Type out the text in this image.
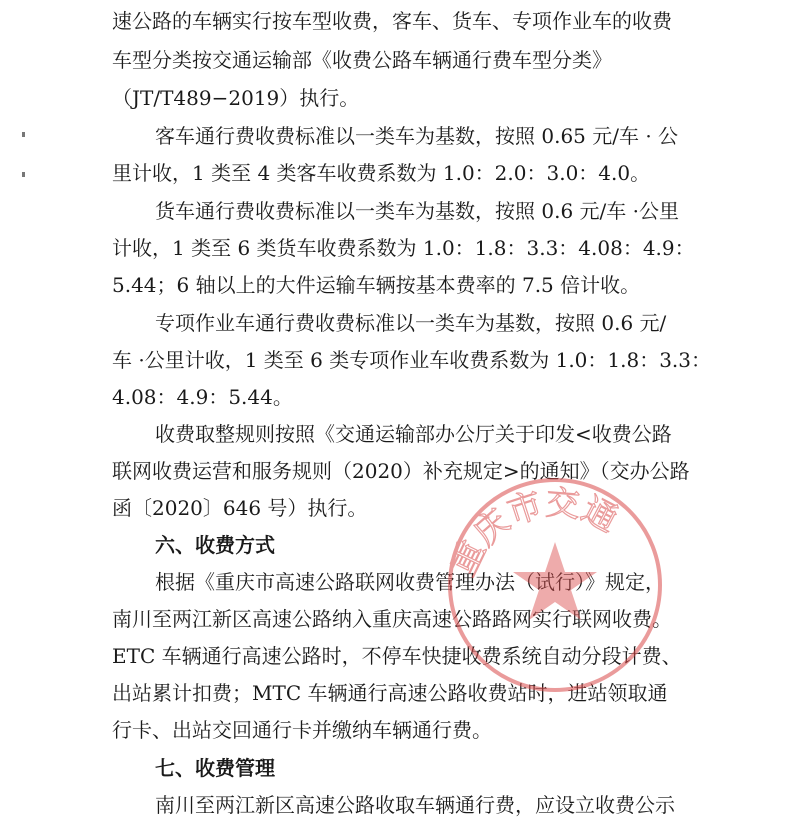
速公路的车辆实行按车型收费，客车、货车、专项作业车的收费
车型分类按交通运输部《收费公路车辆通行费车型分类》
（JT/T489−2019）执行。
客车通行费收费标准以一类车为基数，按照 0.65 元/车 · 公
里计收，1 类至 4 类客车收费系数为 1.0：2.0：3.0：4.0。
货车通行费收费标准以一类车为基数，按照 0.6 元/车 ·公里
计收，1 类至 6 类货车收费系数为 1.0：1.8：3.3：4.08：4.9：
5.44；6 轴以上的大件运输车辆按基本费率的 7.5 倍计收。
专项作业车通行费收费标准以一类车为基数，按照 0.6 元/
车 ·公里计收，1 类至 6 类专项作业车收费系数为 1.0：1.8：3.3：
4.08：4.9：5.44。
收费取整规则按照《交通运输部办公厅关于印发<收费公路
联网收费运营和服务规则（2020）补充规定>的通知》（交办公路
函〔2020〕646 号）执行。
六、收费方式
根据《重庆市高速公路联网收费管理办法（试行）》规定，
南川至两江新区高速公路纳入重庆高速公路路网实行联网收费。
ETC 车辆通行高速公路时，不停车快捷收费系统自动分段计费、
出站累计扣费；MTC 车辆通行高速公路收费站时，进站领取通
行卡、出站交回通行卡并缴纳车辆通行费。
七、收费管理
南川至两江新区高速公路收取车辆通行费，应设立收费公示
重庆市交通
